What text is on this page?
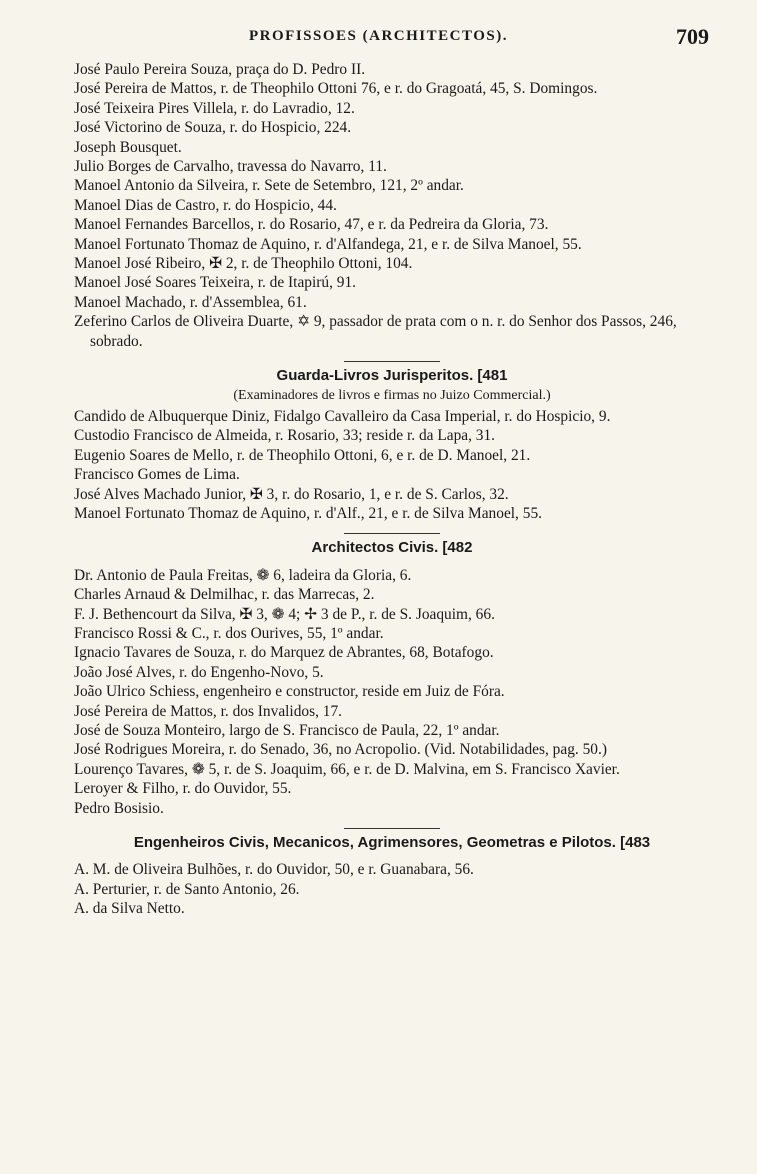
PROFISSOES (ARCHITECTOS).	709
José Paulo Pereira Souza, praça do D. Pedro II.
José Pereira de Mattos, r. de Theophilo Ottoni 76, e r. do Gragoatá, 45, S. Domingos.
José Teixeira Pires Villela, r. do Lavradio, 12.
José Victorino de Souza, r. do Hospicio, 224.
Joseph Bousquet.
Julio Borges de Carvalho, travessa do Navarro, 11.
Manoel Antonio da Silveira, r. Sete de Setembro, 121, 2º andar.
Manoel Dias de Castro, r. do Hospicio, 44.
Manoel Fernandes Barcellos, r. do Rosario, 47, e r. da Pedreira da Gloria, 73.
Manoel Fortunato Thomaz de Aquino, r. d'Alfandega, 21, e r. de Silva Manoel, 55.
Manoel José Ribeiro, ✠ 2, r. de Theophilo Ottoni, 104.
Manoel José Soares Teixeira, r. de Itapirú, 91.
Manoel Machado, r. d'Assemblea, 61.
Zeferino Carlos de Oliveira Duarte, ✡ 9, passador de prata com o n. r. do Senhor dos Passos, 246, sobrado.
Guarda-Livros Jurisperitos. [481
(Examinadores de livros e firmas no Juizo Commercial.)
Candido de Albuquerque Diniz, Fidalgo Cavalleiro da Casa Imperial, r. do Hospicio, 9.
Custodio Francisco de Almeida, r. Rosario, 33; reside r. da Lapa, 31.
Eugenio Soares de Mello, r. de Theophilo Ottoni, 6, e r. de D. Manoel, 21.
Francisco Gomes de Lima.
José Alves Machado Junior, ✠ 3, r. do Rosario, 1, e r. de S. Carlos, 32.
Manoel Fortunato Thomaz de Aquino, r. d'Alf., 21, e r. de Silva Manoel, 55.
Architectos Civis. [482
Dr. Antonio de Paula Freitas, ❁ 6, ladeira da Gloria, 6.
Charles Arnaud & Delmilhac, r. das Marrecas, 2.
F. J. Bethencourt da Silva, ✠ 3, ❁ 4; ✢ 3 de P., r. de S. Joaquim, 66.
Francisco Rossi & C., r. dos Ourives, 55, 1º andar.
Ignacio Tavares de Souza, r. do Marquez de Abrantes, 68, Botafogo.
João José Alves, r. do Engenho-Novo, 5.
João Ulrico Schiess, engenheiro e constructor, reside em Juiz de Fóra.
José Pereira de Mattos, r. dos Invalidos, 17.
José de Souza Monteiro, largo de S. Francisco de Paula, 22, 1º andar.
José Rodrigues Moreira, r. do Senado, 36, no Acropolio. (Vid. Notabilidades, pag. 50.)
Lourenço Tavares, ❁ 5, r. de S. Joaquim, 66, e r. de D. Malvina, em S. Francisco Xavier.
Leroyer & Filho, r. do Ouvidor, 55.
Pedro Bosisio.
Engenheiros Civis, Mecanicos, Agrimensores, Geometras e Pilotos. [483
A. M. de Oliveira Bulhões, r. do Ouvidor, 50, e r. Guanabara, 56.
A. Perturier, r. de Santo Antonio, 26.
A. da Silva Netto.
